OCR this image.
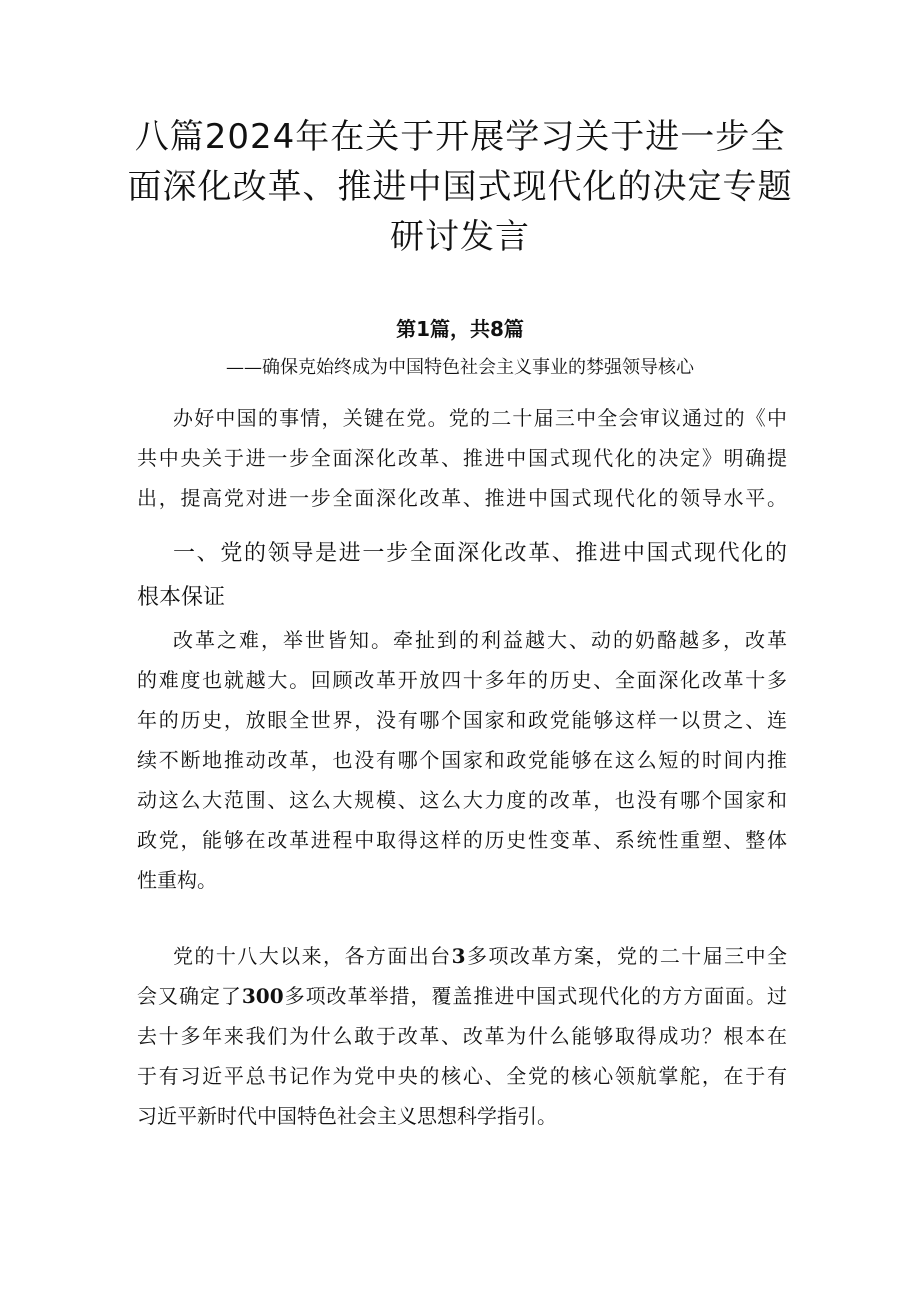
八篇2024年在关于开展学习关于进一步全
面深化改革、推进中国式现代化的决定专题
研讨发言
第1篇，共8篇
——确保克始终成为中国特色社会主义事业的棼强领导核心
办好中国的事情，关键在党。党的二十届三中全会审议通过的《中
共中央关于进一步全面深化改革、推进中国式现代化的决定》明确提
出，提高党对进一步全面深化改革、推进中国式现代化的领导水平。
一、党的领导是进一步全面深化改革、推进中国式现代化的
根本保证
改革之难，举世皆知。牵扯到的利益越大、动的奶酪越多，改革
的难度也就越大。回顾改革开放四十多年的历史、全面深化改革十多
年的历史，放眼全世界，没有哪个国家和政党能够这样一以贯之、连
续不断地推动改革，也没有哪个国家和政党能够在这么短的时间内推
动这么大范围、这么大规模、这么大力度的改革，也没有哪个国家和
政党，能够在改革进程中取得这样的历史性变革、系统性重塑、整体
性重构。
党的十八大以来，各方面出台3多项改革方案，党的二十届三中全
会又确定了300多项改革举措，覆盖推进中国式现代化的方方面面。过
去十多年来我们为什么敢于改革、改革为什么能够取得成功？根本在
于有习近平总书记作为党中央的核心、全党的核心领航掌舵，在于有
习近平新时代中国特色社会主义思想科学指引。
